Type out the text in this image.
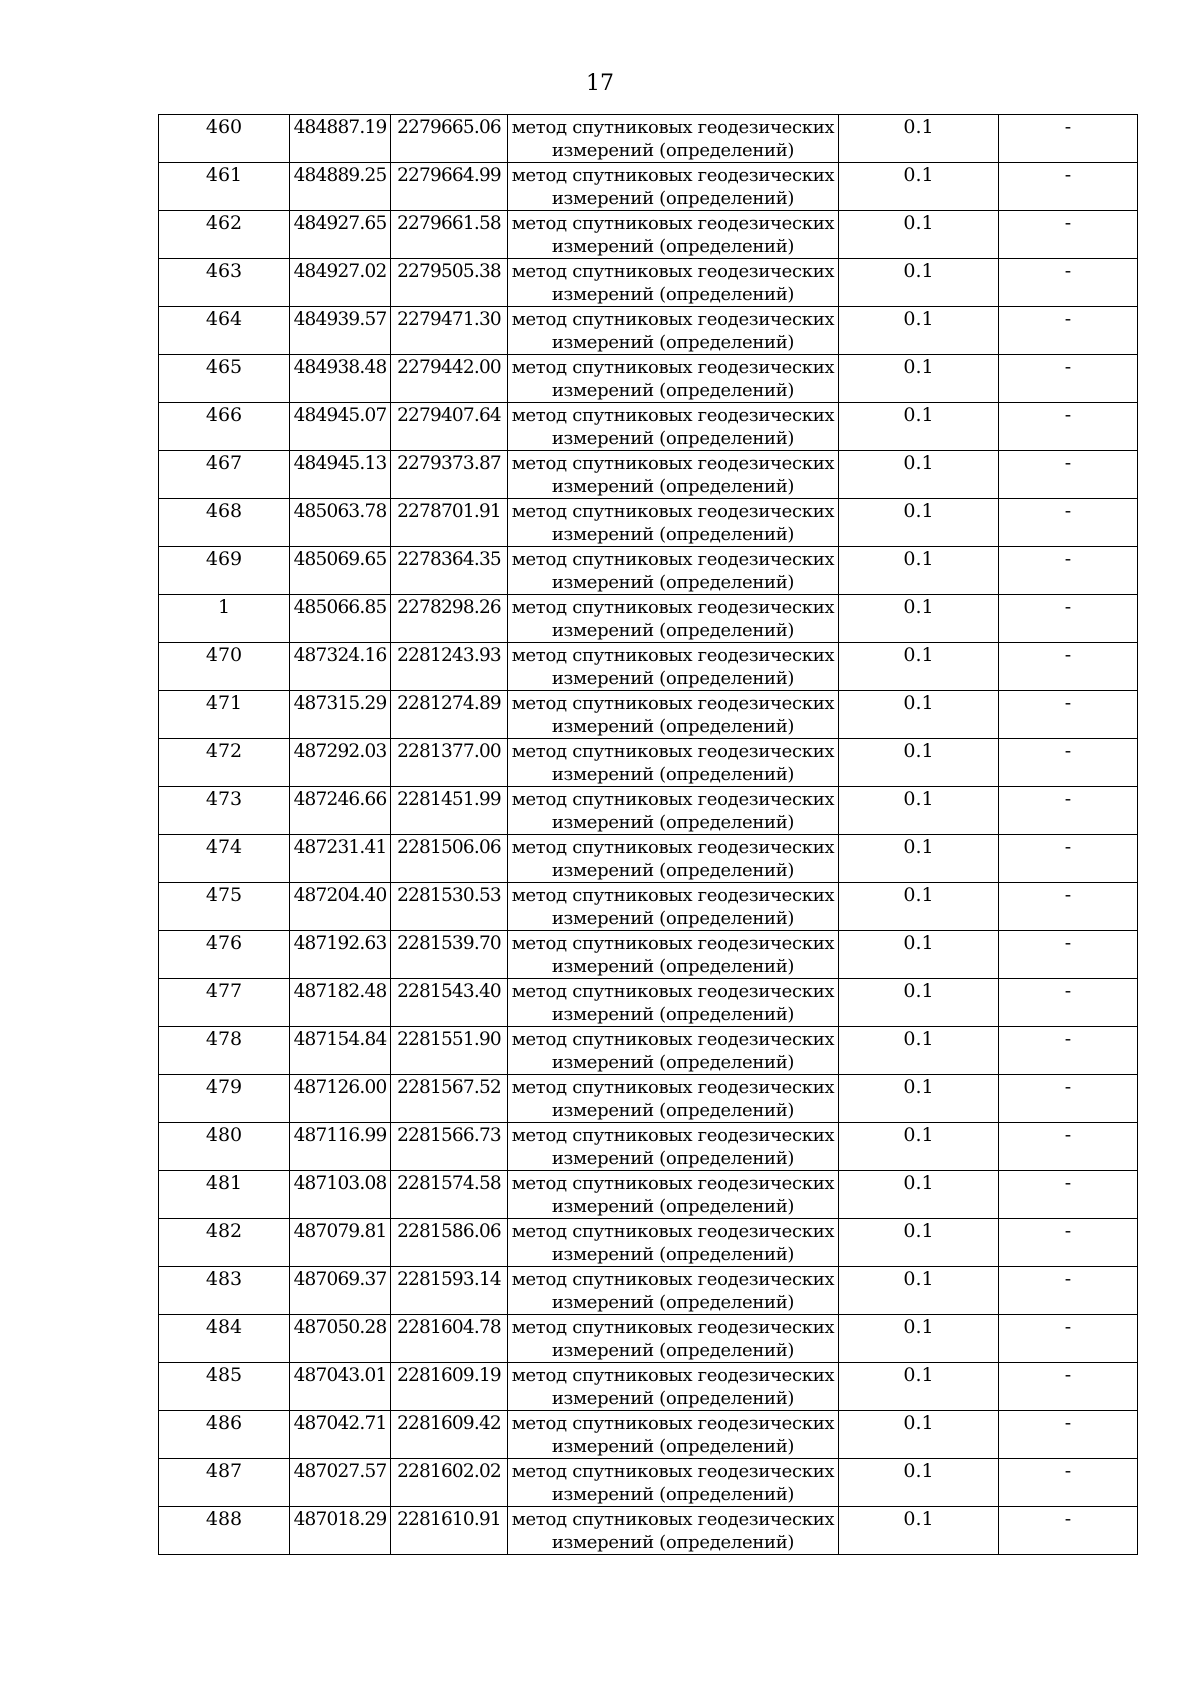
17
460	484887.19	2279665.06	метод спутниковых геодезических измерений (определений)	0.1	-

461	484889.25	2279664.99	метод спутниковых геодезических измерений (определений)	0.1	-

462	484927.65	2279661.58	метод спутниковых геодезических измерений (определений)	0.1	-

463	484927.02	2279505.38	метод спутниковых геодезических измерений (определений)	0.1	-

464	484939.57	2279471.30	метод спутниковых геодезических измерений (определений)	0.1	-

465	484938.48	2279442.00	метод спутниковых геодезических измерений (определений)	0.1	-

466	484945.07	2279407.64	метод спутниковых геодезических измерений (определений)	0.1	-

467	484945.13	2279373.87	метод спутниковых геодезических измерений (определений)	0.1	-

468	485063.78	2278701.91	метод спутниковых геодезических измерений (определений)	0.1	-

469	485069.65	2278364.35	метод спутниковых геодезических измерений (определений)	0.1	-

1	485066.85	2278298.26	метод спутниковых геодезических измерений (определений)	0.1	-

470	487324.16	2281243.93	метод спутниковых геодезических измерений (определений)	0.1	-

471	487315.29	2281274.89	метод спутниковых геодезических измерений (определений)	0.1	-

472	487292.03	2281377.00	метод спутниковых геодезических измерений (определений)	0.1	-

473	487246.66	2281451.99	метод спутниковых геодезических измерений (определений)	0.1	-

474	487231.41	2281506.06	метод спутниковых геодезических измерений (определений)	0.1	-

475	487204.40	2281530.53	метод спутниковых геодезических измерений (определений)	0.1	-

476	487192.63	2281539.70	метод спутниковых геодезических измерений (определений)	0.1	-

477	487182.48	2281543.40	метод спутниковых геодезических измерений (определений)	0.1	-

478	487154.84	2281551.90	метод спутниковых геодезических измерений (определений)	0.1	-

479	487126.00	2281567.52	метод спутниковых геодезических измерений (определений)	0.1	-

480	487116.99	2281566.73	метод спутниковых геодезических измерений (определений)	0.1	-

481	487103.08	2281574.58	метод спутниковых геодезических измерений (определений)	0.1	-

482	487079.81	2281586.06	метод спутниковых геодезических измерений (определений)	0.1	-

483	487069.37	2281593.14	метод спутниковых геодезических измерений (определений)	0.1	-

484	487050.28	2281604.78	метод спутниковых геодезических измерений (определений)	0.1	-

485	487043.01	2281609.19	метод спутниковых геодезических измерений (определений)	0.1	-

486	487042.71	2281609.42	метод спутниковых геодезических измерений (определений)	0.1	-

487	487027.57	2281602.02	метод спутниковых геодезических измерений (определений)	0.1	-

488	487018.29	2281610.91	метод спутниковых геодезических измерений (определений)	0.1	-
